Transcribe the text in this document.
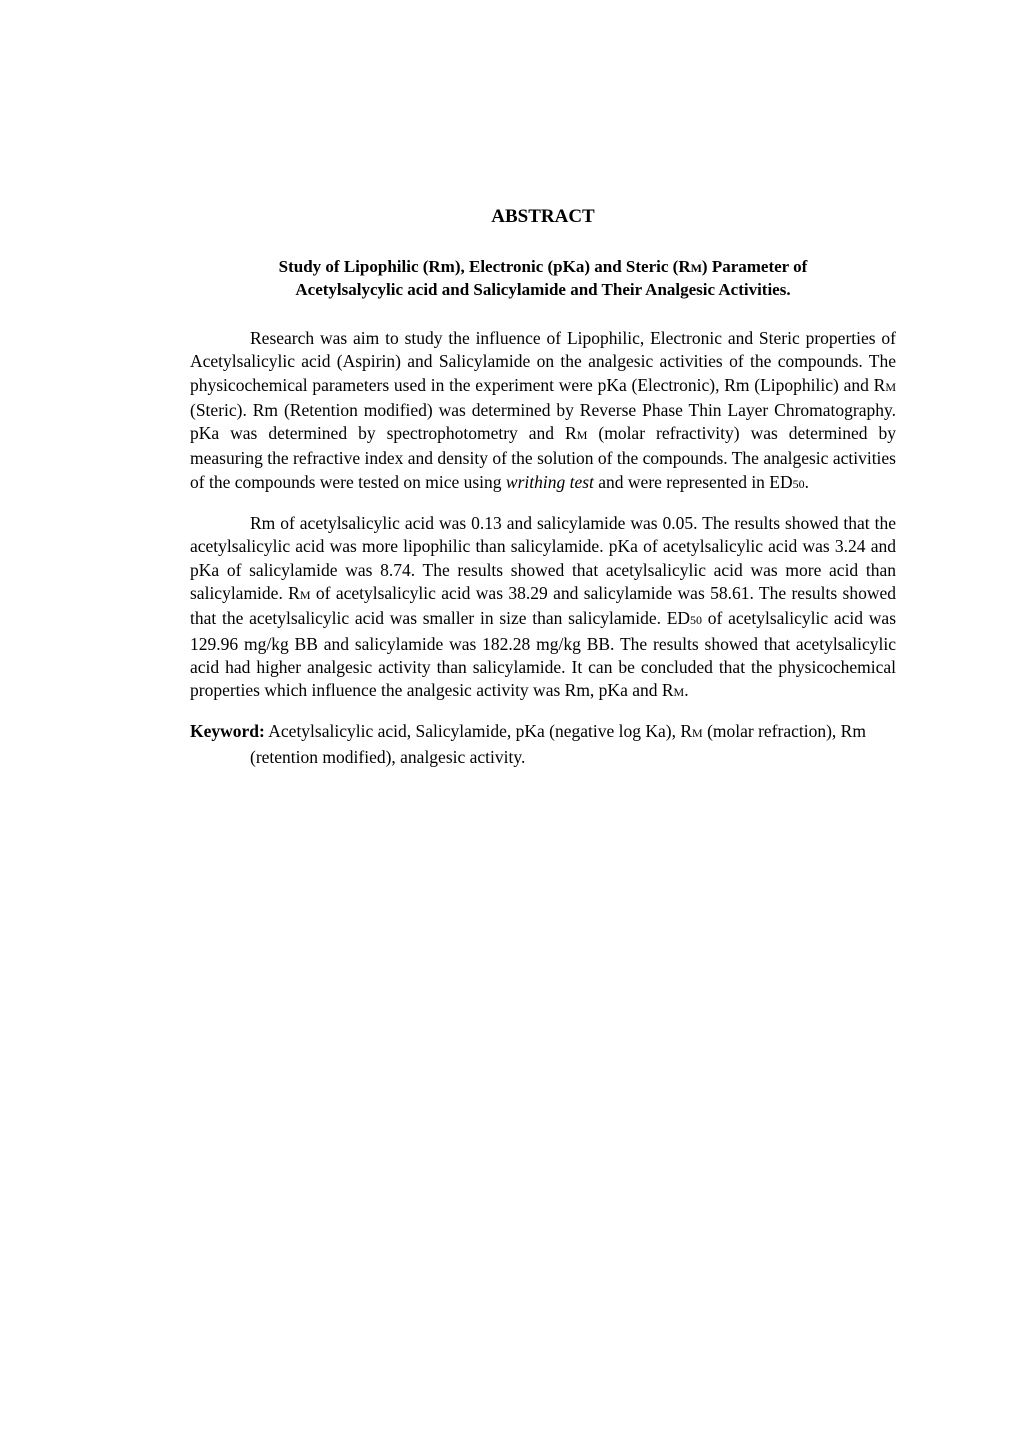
ABSTRACT
Study of Lipophilic (Rm), Electronic (pKa) and Steric (RM) Parameter of
Acetylsalycylic acid and Salicylamide and Their Analgesic Activities.

Research was aim to study the influence of Lipophilic, Electronic and Steric properties of Acetylsalicylic acid (Aspirin) and Salicylamide on the analgesic activities of the compounds. The physicochemical parameters used in the experiment were pKa (Electronic), Rm (Lipophilic) and RM (Steric). Rm (Retention modified) was determined by Reverse Phase Thin Layer Chromatography. pKa was determined by spectrophotometry and RM (molar refractivity) was determined by measuring the refractive index and density of the solution of the compounds. The analgesic activities of the compounds were tested on mice using writhing test and were represented in ED50.

Rm of acetylsalicylic acid was 0.13 and salicylamide was 0.05. The results showed that the acetylsalicylic acid was more lipophilic than salicylamide. pKa of acetylsalicylic acid was 3.24 and pKa of salicylamide was 8.74. The results showed that acetylsalicylic acid was more acid than salicylamide. RM of acetylsalicylic acid was 38.29 and salicylamide was 58.61. The results showed that the acetylsalicylic acid was smaller in size than salicylamide. ED50 of acetylsalicylic acid was 129.96 mg/kg BB and salicylamide was 182.28 mg/kg BB. The results showed that acetylsalicylic acid had higher analgesic activity than salicylamide. It can be concluded that the physicochemical properties which influence the analgesic activity was Rm, pKa and RM.

Keyword: Acetylsalicylic acid, Salicylamide, pKa (negative log Ka), RM (molar refraction), Rm (retention modified), analgesic activity.
